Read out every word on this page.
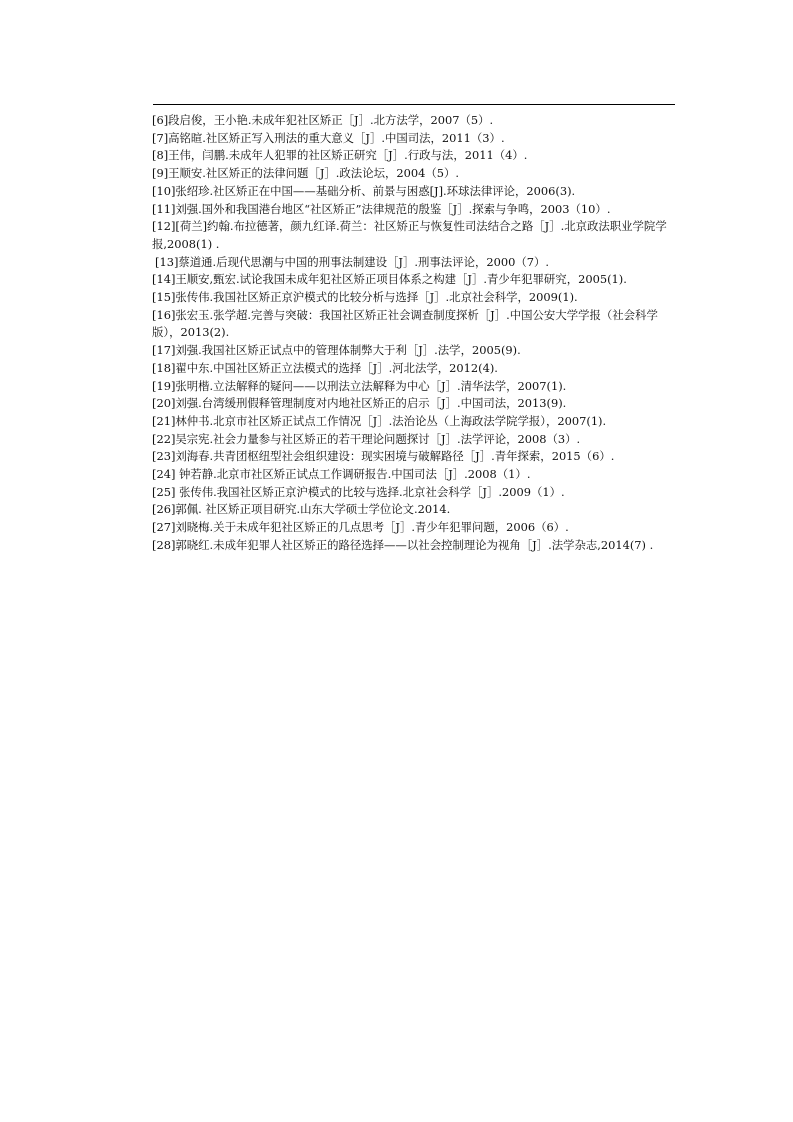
[6]段启俊，王小艳.未成年犯社区矫正［J］.北方法学，2007（5）.
[7]高铭暄.社区矫正写入刑法的重大意义［J］.中国司法，2011（3）.
[8]王伟，闫鹏.未成年人犯罪的社区矫正研究［J］.行政与法，2011（4）.
[9]王顺安.社区矫正的法律问题［J］.政法论坛，2004（5）.
[10]张绍珍.社区矫正在中国——基础分析、前景与困惑[J].环球法律评论，2006(3).
[11]刘强.国外和我国港台地区“社区矫正”法律规范的殷鉴［J］.探索与争鸣，2003（10）.
[12][荷兰]约翰.布拉德著，颜九红译.荷兰：社区矫正与恢复性司法结合之路［J］.北京政法职业学院学报,2008(1) .
[13]蔡道通.后现代思潮与中国的刑事法制建设［J］.刑事法评论，2000（7）.
[14]王顺安,甄宏.试论我国未成年犯社区矫正项目体系之构建［J］.青少年犯罪研究，2005(1).
[15]张传伟.我国社区矫正京沪模式的比较分析与选择［J］.北京社会科学，2009(1).
[16]张宏玉.张学超.完善与突破：我国社区矫正社会调查制度探析［J］.中国公安大学学报（社会科学版），2013(2).
[17]刘强.我国社区矫正试点中的管理体制弊大于利［J］.法学，2005(9).
[18]翟中东.中国社区矫正立法模式的选择［J］.河北法学，2012(4).
[19]张明楷.立法解释的疑问——以刑法立法解释为中心［J］.清华法学，2007(1).
[20]刘强.台湾缓刑假释管理制度对内地社区矫正的启示［J］.中国司法，2013(9).
[21]林仲书.北京市社区矫正试点工作情况［J］.法治论丛（上海政法学院学报），2007(1).
[22]吴宗宪.社会力量参与社区矫正的若干理论问题探讨［J］.法学评论，2008（3）.
[23]刘海春.共青团枢纽型社会组织建设：现实困境与破解路径［J］.青年探索，2015（6）.
[24] 钟若静.北京市社区矫正试点工作调研报告.中国司法［J］.2008（1）.
[25] 张传伟.我国社区矫正京沪模式的比较与选择.北京社会科学［J］.2009（1）.
[26]郭佩. 社区矫正项目研究.山东大学硕士学位论文.2014.
[27]刘晓梅.关于未成年犯社区矫正的几点思考［J］.青少年犯罪问题，2006（6）.
[28]郭晓红.未成年犯罪人社区矫正的路径选择——以社会控制理论为视角［J］.法学杂志,2014(7) .
